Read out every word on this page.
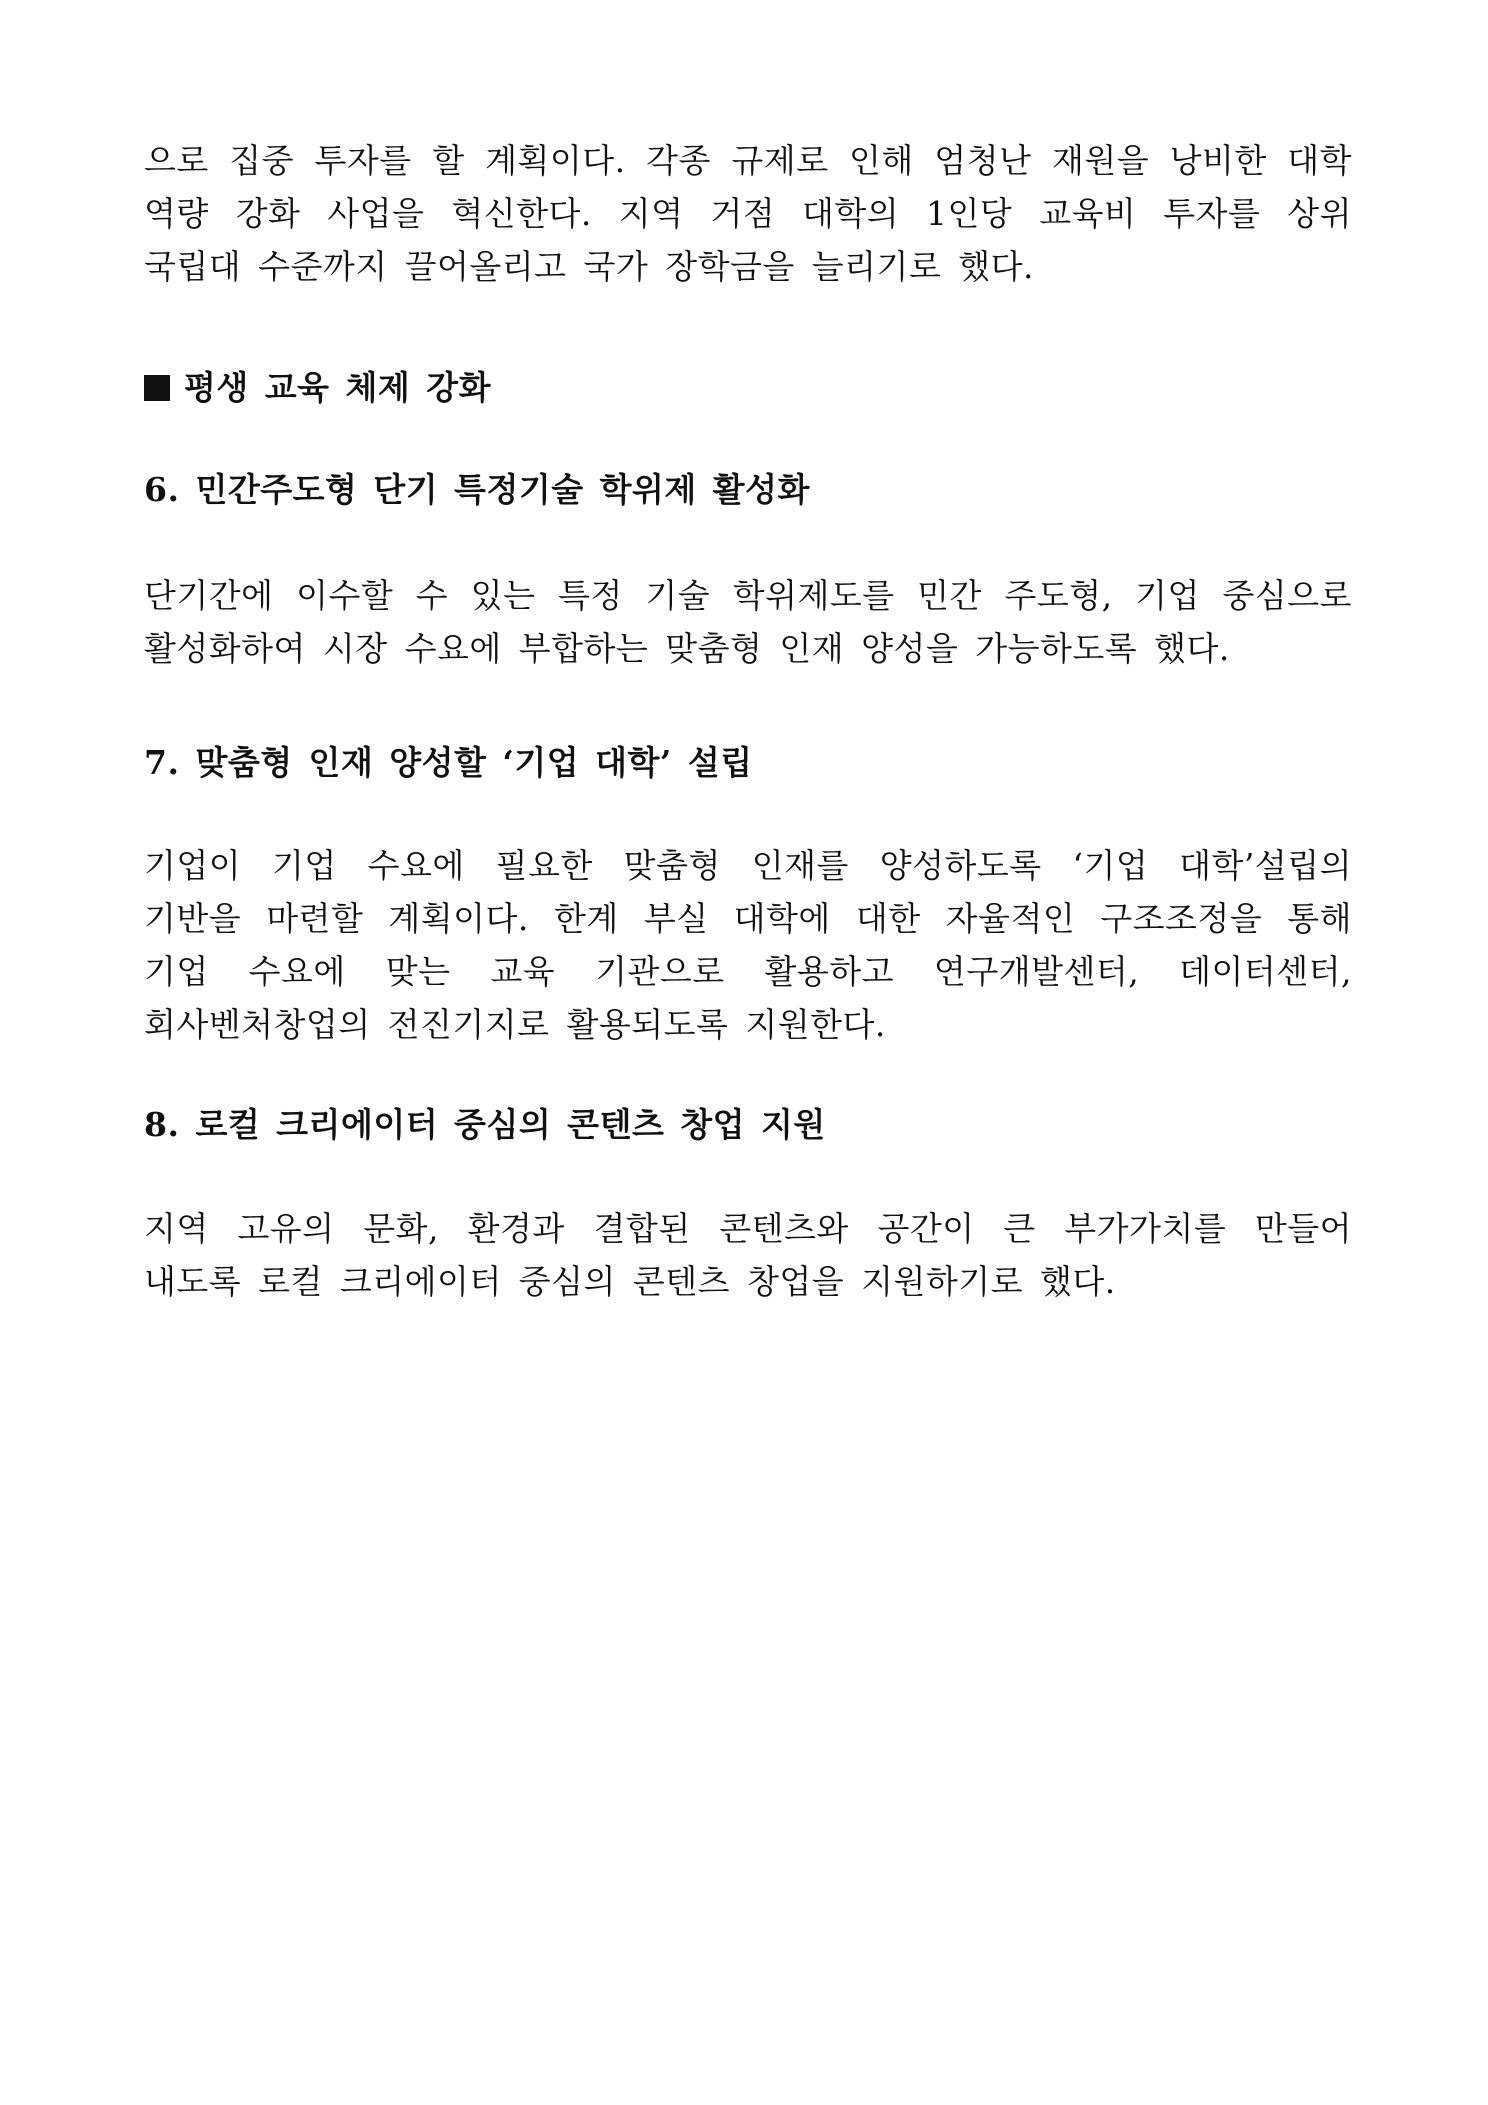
으로 집중 투자를 할 계획이다. 각종 규제로 인해 엄청난 재원을 낭비한 대학 역량 강화 사업을 혁신한다. 지역 거점 대학의 1인당 교육비 투자를 상위 국립대 수준까지 끌어올리고 국가 장학금을 늘리기로 했다.

평생 교육 체제 강화
6. 민간주도형 단기 특정기술 학위제 활성화

단기간에 이수할 수 있는 특정 기술 학위제도를 민간 주도형, 기업 중심으로 활성화하여 시장 수요에 부합하는 맞춤형 인재 양성을 가능하도록 했다.

7. 맞춤형 인재 양성할 ‘기업 대학’ 설립

기업이 기업 수요에 필요한 맞춤형 인재를 양성하도록 ‘기업 대학’설립의 기반을 마련할 계획이다. 한계 부실 대학에 대한 자율적인 구조조정을 통해 기업 수요에 맞는 교육 기관으로 활용하고 연구개발센터, 데이터센터, 회사벤처창업의 전진기지로 활용되도록 지원한다.

8. 로컬 크리에이터 중심의 콘텐츠 창업 지원

지역 고유의 문화, 환경과 결합된 콘텐츠와 공간이 큰 부가가치를 만들어 내도록 로컬 크리에이터 중심의 콘텐츠 창업을 지원하기로 했다.
